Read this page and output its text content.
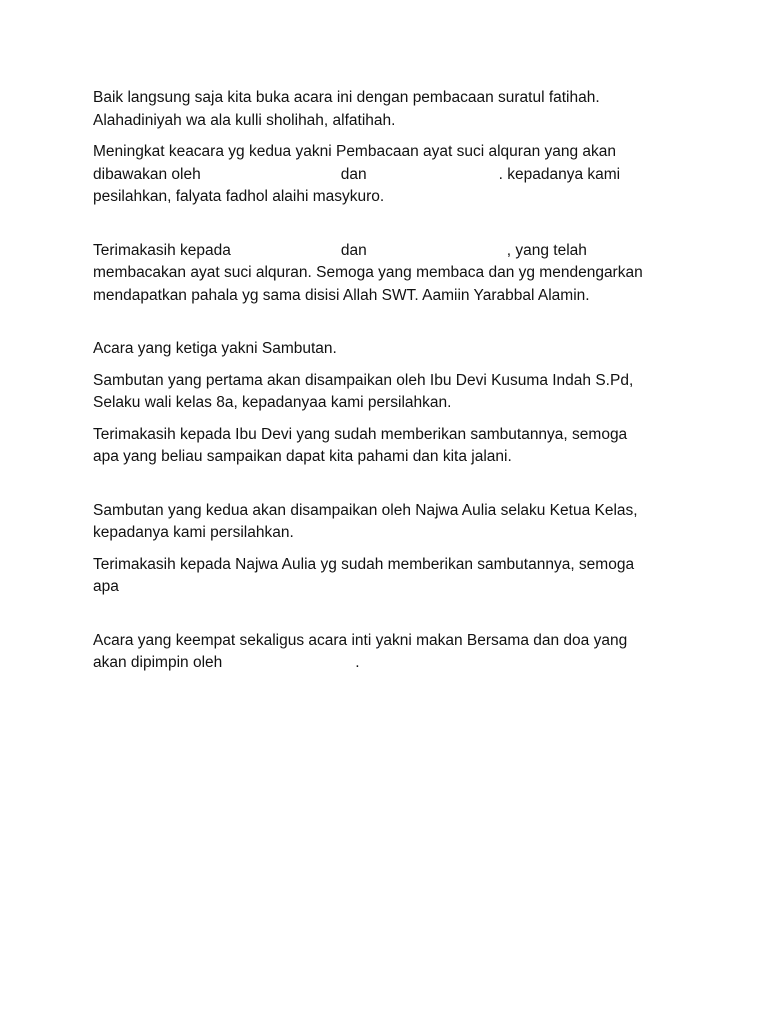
Baik langsung saja kita buka acara ini dengan pembacaan suratul fatihah.
Alahadiniyah wa ala kulli sholihah, alfatihah.

Meningkat keacara yg kedua yakni Pembacaan ayat suci alquran yang akan
dibawakan oleh	dan	. kepadanya kami
pesilahkan, falyata fadhol alaihi masykuro.

Terimakasih kepada	dan	, yang telah
membacakan ayat suci alquran. Semoga yang membaca dan yg mendengarkan
mendapatkan pahala yg sama disisi Allah SWT. Aamiin Yarabbal Alamin.

Acara yang ketiga yakni Sambutan.

Sambutan yang pertama akan disampaikan oleh Ibu Devi Kusuma Indah S.Pd,
Selaku wali kelas 8a, kepadanyaa kami persilahkan.

Terimakasih kepada Ibu Devi yang sudah memberikan sambutannya, semoga
apa yang beliau sampaikan dapat kita pahami dan kita jalani.

Sambutan yang kedua akan disampaikan oleh Najwa Aulia selaku Ketua Kelas,
kepadanya kami persilahkan.

Terimakasih kepada Najwa Aulia yg sudah memberikan sambutannya, semoga
apa

Acara yang keempat sekaligus acara inti yakni makan Bersama dan doa yang
akan dipimpin oleh	.
